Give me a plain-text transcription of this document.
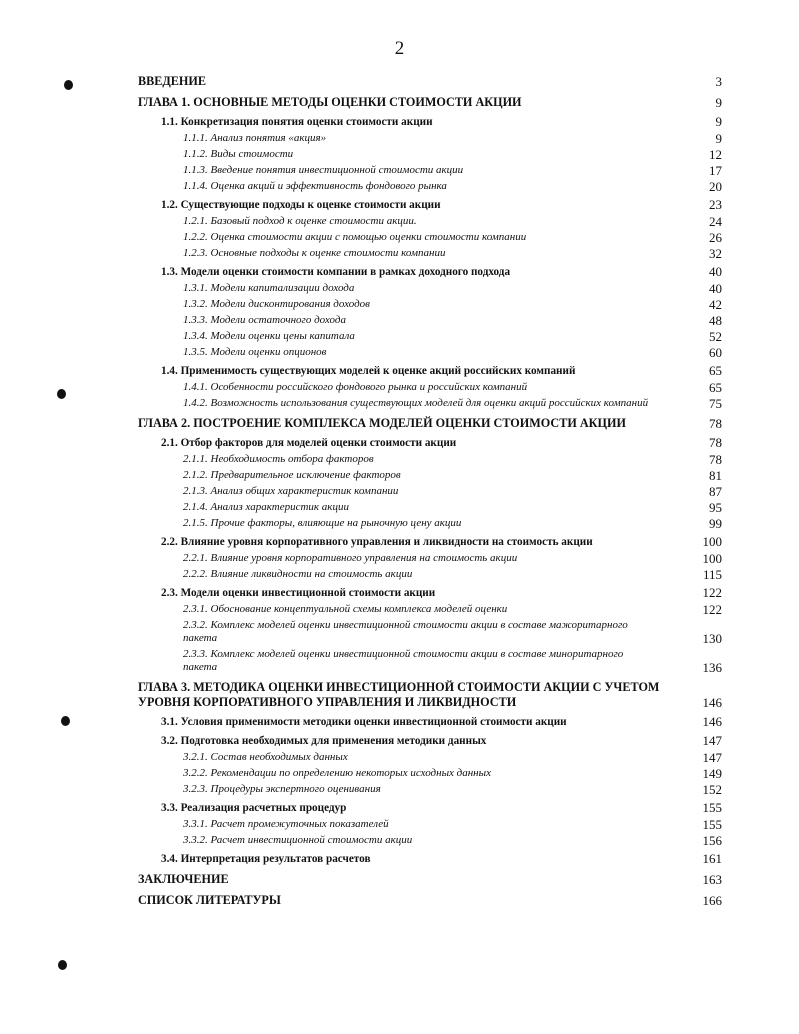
2
ВВЕДЕНИЕ	3
ГЛАВА 1. ОСНОВНЫЕ МЕТОДЫ ОЦЕНКИ СТОИМОСТИ АКЦИИ	9
1.1. Конкретизация понятия оценки стоимости акции	9
1.1.1. Анализ понятия «акция»	9
1.1.2. Виды стоимости	12
1.1.3. Введение понятия инвестиционной стоимости акции	17
1.1.4. Оценка акций и эффективность фондового рынка	20
1.2. Существующие подходы к оценке стоимости акции	23
1.2.1. Базовый подход к оценке стоимости акции.	24
1.2.2. Оценка стоимости акции с помощью оценки стоимости компании	26
1.2.3. Основные подходы к оценке стоимости компании	32
1.3. Модели оценки стоимости компании в рамках доходного подхода	40
1.3.1. Модели капитализации дохода	40
1.3.2. Модели дисконтирования доходов	42
1.3.3. Модели остаточного дохода	48
1.3.4. Модели оценки цены капитала	52
1.3.5. Модели оценки опционов	60
1.4. Применимость существующих моделей к оценке акций российских компаний	65
1.4.1. Особенности российского фондового рынка и российских компаний	65
1.4.2. Возможность использования существующих моделей для оценки акций российских компаний	75
ГЛАВА 2. ПОСТРОЕНИЕ КОМПЛЕКСА МОДЕЛЕЙ ОЦЕНКИ СТОИМОСТИ АКЦИИ	78
2.1. Отбор факторов для моделей оценки стоимости акции	78
2.1.1. Необходимость отбора факторов	78
2.1.2. Предварительное исключение факторов	81
2.1.3. Анализ общих характеристик компании	87
2.1.4. Анализ характеристик акции	95
2.1.5. Прочие факторы, влияющие на рыночную цену акции	99
2.2. Влияние уровня корпоративного управления и ликвидности на стоимость акции	100
2.2.1. Влияние уровня корпоративного управления на стоимость акции	100
2.2.2. Влияние ликвидности на стоимость акции	115
2.3. Модели оценки инвестиционной стоимости акции	122
2.3.1. Обоснование концептуальной схемы комплекса моделей оценки	122
2.3.2. Комплекс моделей оценки инвестиционной стоимости акции в составе мажоритарного пакета	130
2.3.3. Комплекс моделей оценки инвестиционной стоимости акции в составе миноритарного пакета	136
ГЛАВА 3. МЕТОДИКА ОЦЕНКИ ИНВЕСТИЦИОННОЙ СТОИМОСТИ АКЦИИ С УЧЕТОМ УРОВНЯ КОРПОРАТИВНОГО УПРАВЛЕНИЯ И ЛИКВИДНОСТИ	146
3.1. Условия применимости методики оценки инвестиционной стоимости акции	146
3.2. Подготовка необходимых для применения методики данных	147
3.2.1. Состав необходимых данных	147
3.2.2. Рекомендации по определению некоторых исходных данных	149
3.2.3. Процедуры экспертного оценивания	152
3.3. Реализация расчетных процедур	155
3.3.1. Расчет промежуточных показателей	155
3.3.2. Расчет инвестиционной стоимости акции	156
3.4. Интерпретация результатов расчетов	161
ЗАКЛЮЧЕНИЕ	163
СПИСОК ЛИТЕРАТУРЫ	166
